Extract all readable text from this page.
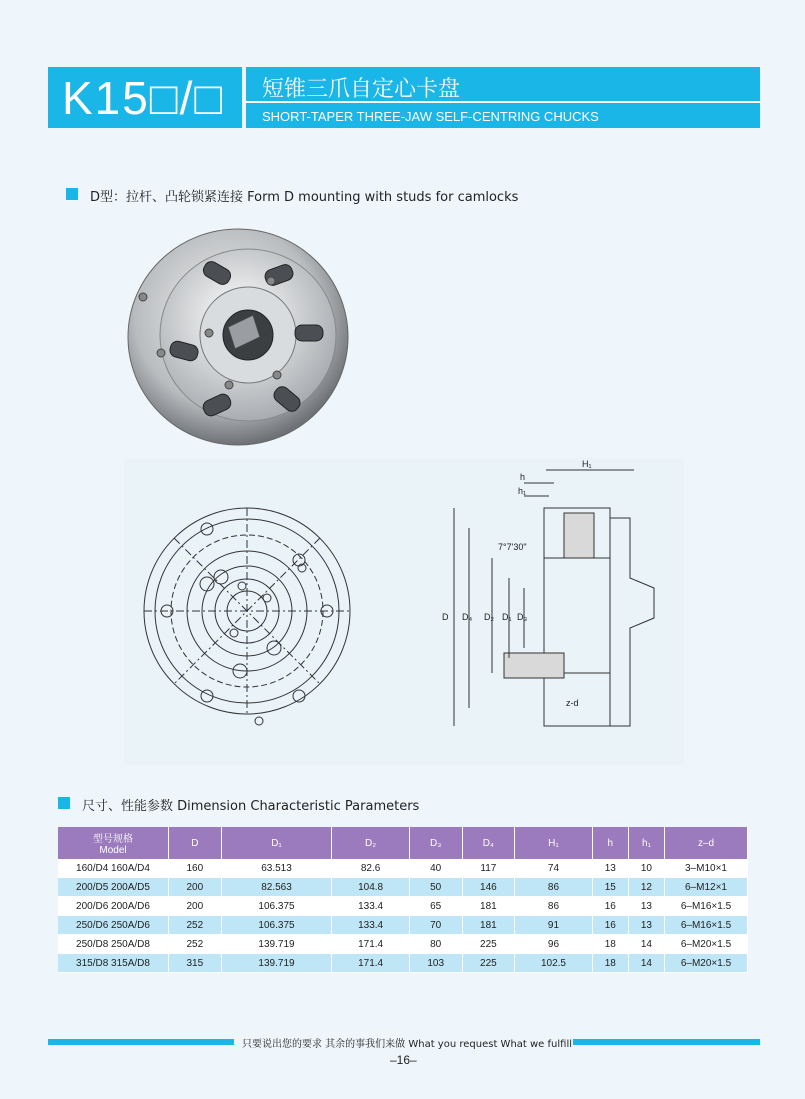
K15□/□ 短锥三爪自定心卡盘
SHORT-TAPER THREE-JAW SELF-CENTRING CHUCKS
D型：拉杆、凸轮锁紧连接 Form D mounting with studs for camlocks
H₁
h
h₁
7°7'30"
D D₄ D₂ D₁ D₃
z-d
尺寸、性能参数 Dimension Characteristic Parameters
型号规格
Model	D	D₁	D₂	D₃	D₄	H₁	h	h₁	z–d
160/D4 160A/D4	160	63.513	82.6	40	117	74	13	10	3–M10×1
200/D5 200A/D5	200	82.563	104.8	50	146	86	15	12	6–M12×1
200/D6 200A/D6	200	106.375	133.4	65	181	86	16	13	6–M16×1.5
250/D6 250A/D6	252	106.375	133.4	70	181	91	16	13	6–M16×1.5
250/D8 250A/D8	252	139.719	171.4	80	225	96	18	14	6–M20×1.5
315/D8 315A/D8	315	139.719	171.4	103	225	102.5	18	14	6–M20×1.5
只要说出您的要求 其余的事我们来做 What you request What we fulfill
–16–
